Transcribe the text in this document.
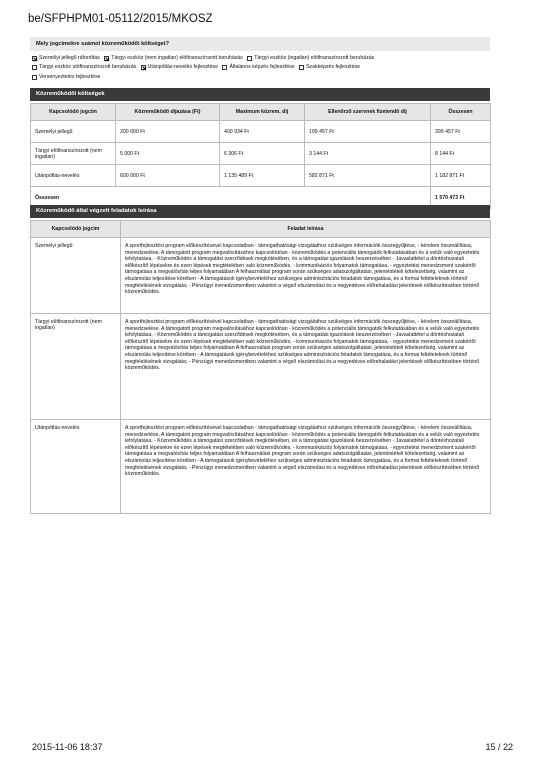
be/SFPHPM01-05112/2015/MKOSZ
Mely jogcímekre számol közreműködői költséget?
Személyi jellegű ráfordítás
Tárgyi eszköz (nem ingatlan) elöfinanszírozott beruházás
Tárgyi eszköz (ingatlan) elöfinanszírozott beruházás

Tárgyi eszköz utófinanszírozott beruházás
Utánpótlás-nevelés fejlesztése
Általános képzés fejlesztése
Szakképzés fejlesztése

Versenyeztetés fejlesztése
Közreműködői költségek
Kapcsolódó jogcím	Közreműködő díjazása (Ft)	Maximum közrem. díj	Ellenőrző szervnek fizetendő díj	Összesen
Személyi jellegű	200 000 Ft	400 934 Ft	199 457 Ft	399 457 Ft
Tárgyi elöfinanszírozott (nem ingatlan)	5 000 Ft	6 306 Ft	3 144 Ft	8 144 Ft
Utánpótlás-nevelés	600 000 Ft	1 135 489 Ft	582 871 Ft	1 182 871 Ft
Összesen				1 570 473 Ft
Közreműködő által végzett feladatok leírása
Kapcsolódó jogcím	Feladat leírása
Személyi jellegű	A sportfejlesztési program előkészítésével kapcsolatban - támogathatósági vizsgálathoz szükséges információk összegyűjtése, - kérelem összeállítása, menedzselése. A támogatott program megvalósításához kapcsolódóan - közreműködés a potenciális támogatók felkutatásában és a velük való egyeztetés lefolytatása, - Közreműködés a támogatási szerződések megkötésében, és a támogatási igazolások beszerzésében - Javaslattétel a döntéshozatali előkészítő lépésekre és ezen lépések megtételében való közreműködés, - kommunikációs folyamatok támogatása, - egyeztetési menedzsment szakértői támogatása a megvalósítás teljes folyamatában A felhasználási program során szükséges adatszolgáltatási, jelentéstételi kötelezettség, valamint az elszámolás teljesítése körében - A támogatások igénybevételéhez szükséges adminisztrációs feladatok támogatása, és a formai feltételeknek történő megfelelésének vizsgálata; - Pénzügyi menedzsmentben valamint a végső elszámolási és a negyedéves előrehaladási jelentések előkészítésében történő közreműködés.
Tárgyi elöfinanszírozott (nem ingatlan)	A sportfejlesztési program előkészítésével kapcsolatban - támogathatósági vizsgálathoz szükséges információk összegyűjtése, - kérelem összeállítása, menedzselése. A támogatott program megvalósításához kapcsolódóan - közreműködés a potenciális támogatók felkutatásában és a velük való egyeztetés lefolytatása, - Közreműködés a támogatási szerződések megkötésében, és a támogatási igazolások beszerzésében - Javaslattétel a döntéshozatali előkészítő lépésekre és ezen lépések megtételében való közreműködés, - kommunikációs folyamatok támogatása, - egyeztetési menedzsment szakértői támogatása a megvalósítás teljes folyamatában A felhasználási program során szükséges adatszolgáltatási, jelentéstételi kötelezettség, valamint az elszámolás teljesítése körében - A támogatások igénybevételéhez szükséges adminisztrációs feladatok támogatása, és a formai feltételeknek történő megfelelésének vizsgálata; - Pénzügyi menedzsmentben valamint a végső elszámolási és a negyedéves előrehaladási jelentések előkészítésében történő közreműködés.
Utánpótlás-nevelés	A sportfejlesztési program előkészítésével kapcsolatban - támogathatósági vizsgálathoz szükséges információk összegyűjtése, - kérelem összeállítása, menedzselése. A támogatott program megvalósításához kapcsolódóan - közreműködés a potenciális támogatók felkutatásában és a velük való egyeztetés lefolytatása, - Közreműködés a támogatási szerződések megkötésében, és a támogatási igazolások beszerzésében - Javaslattétel a döntéshozatali előkészítő lépésekre és ezen lépések megtételében való közreműködés, - kommunikációs folyamatok támogatása, - egyeztetési menedzsment szakértői támogatása a megvalósítás teljes folyamatában A felhasználási program során szükséges adatszolgáltatási, jelentéstételi kötelezettség, valamint az elszámolás teljesítése körében - A támogatások igénybevételéhez szükséges adminisztrációs feladatok támogatása, és a formai feltételeknek történő megfelelésének vizsgálata; - Pénzügyi menedzsmentben valamint a végső elszámolási és a negyedéves előrehaladási jelentések előkészítésében történő közreműködés.
2015-11-06 18:37	15 / 22
